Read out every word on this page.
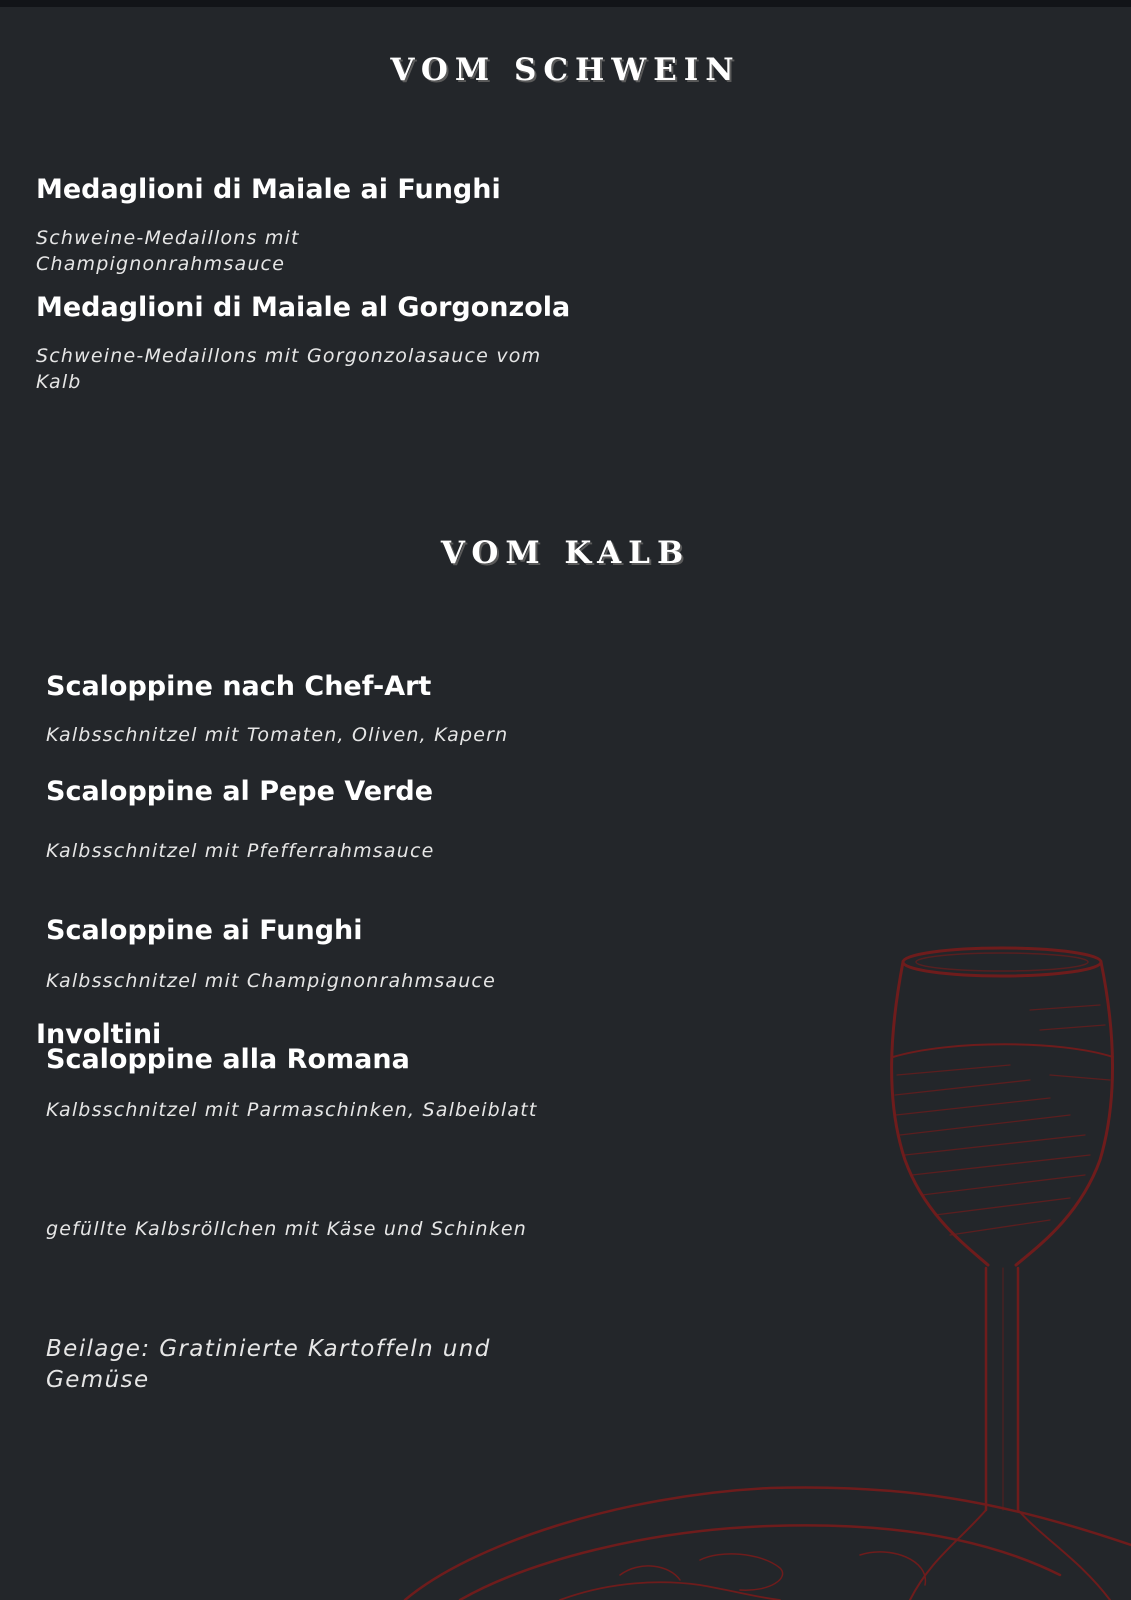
VOM SCHWEIN
Medaglioni di Maiale ai Funghi
Schweine-Medaillons mit Champignonrahmsauce
Medaglioni di Maiale al Gorgonzola
Schweine-Medaillons mit Gorgonzolasauce vom Kalb
VOM KALB
Scaloppine nach Chef-Art
Kalbsschnitzel mit Tomaten, Oliven, Kapern
Scaloppine al Pepe Verde
Kalbsschnitzel mit Pfefferrahmsauce
Scaloppine ai Funghi
Kalbsschnitzel mit Champignonrahmsauce
Involtini
Scaloppine alla Romana
Kalbsschnitzel mit Parmaschinken, Salbeiblatt
gefüllte Kalbsröllchen mit Käse und Schinken
Beilage: Gratinierte Kartoffeln und Gemüse
